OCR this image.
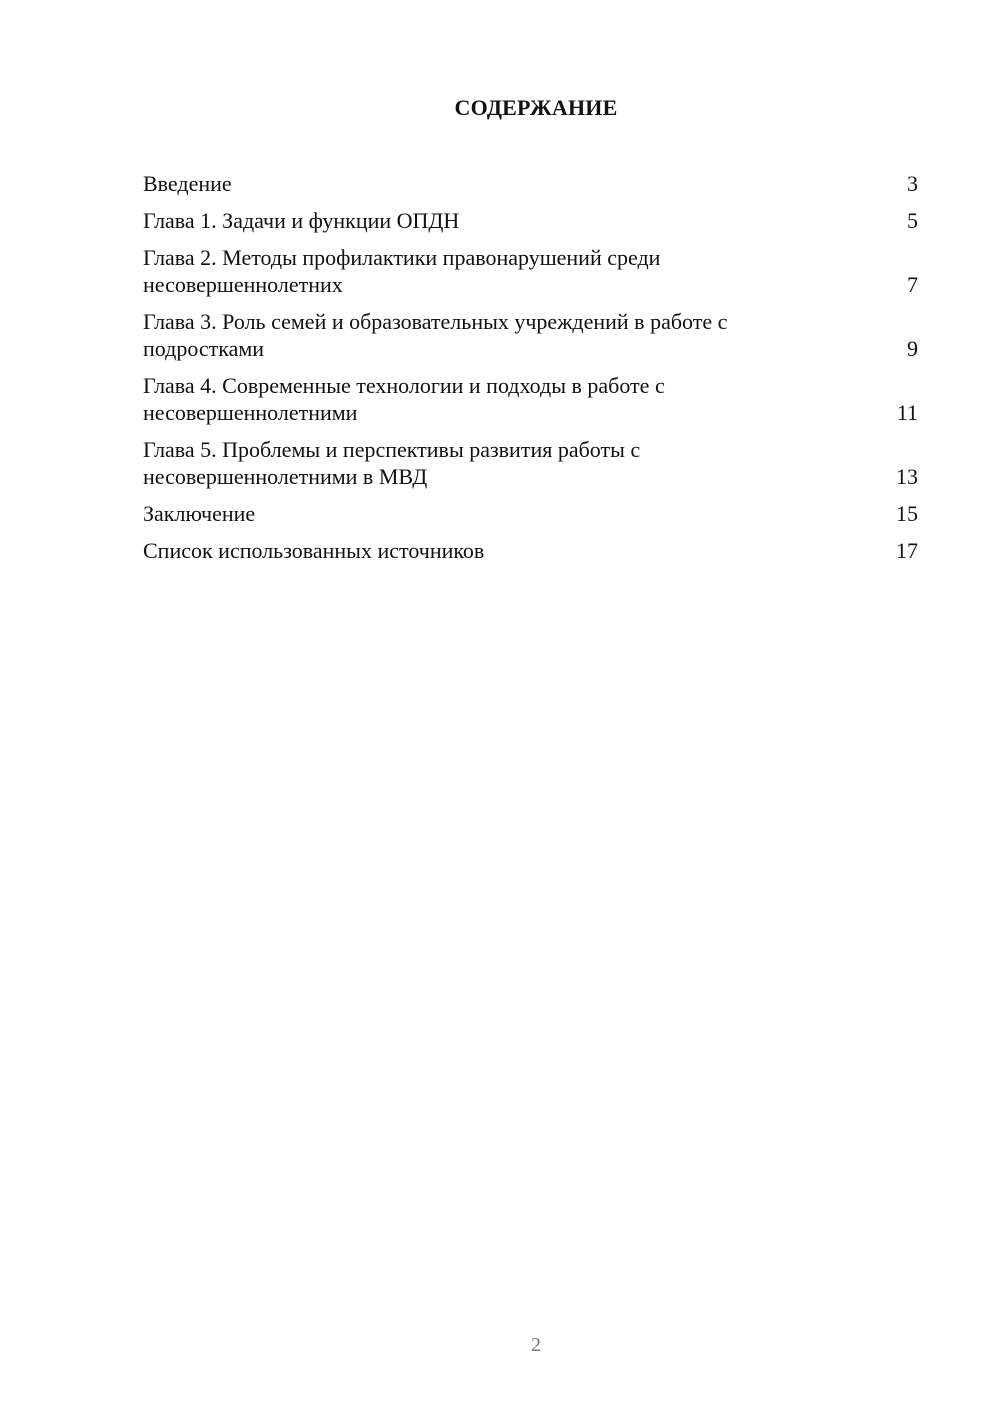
СОДЕРЖАНИЕ
Введение	3
Глава 1. Задачи и функции ОПДН	5
Глава 2. Методы профилактики правонарушений среди
несовершеннолетних	7
Глава 3. Роль семей и образовательных учреждений в работе с
подростками	9
Глава 4. Современные технологии и подходы в работе с
несовершеннолетними	11
Глава 5. Проблемы и перспективы развития работы с
несовершеннолетними в МВД	13
Заключение	15
Список использованных источников	17
2
